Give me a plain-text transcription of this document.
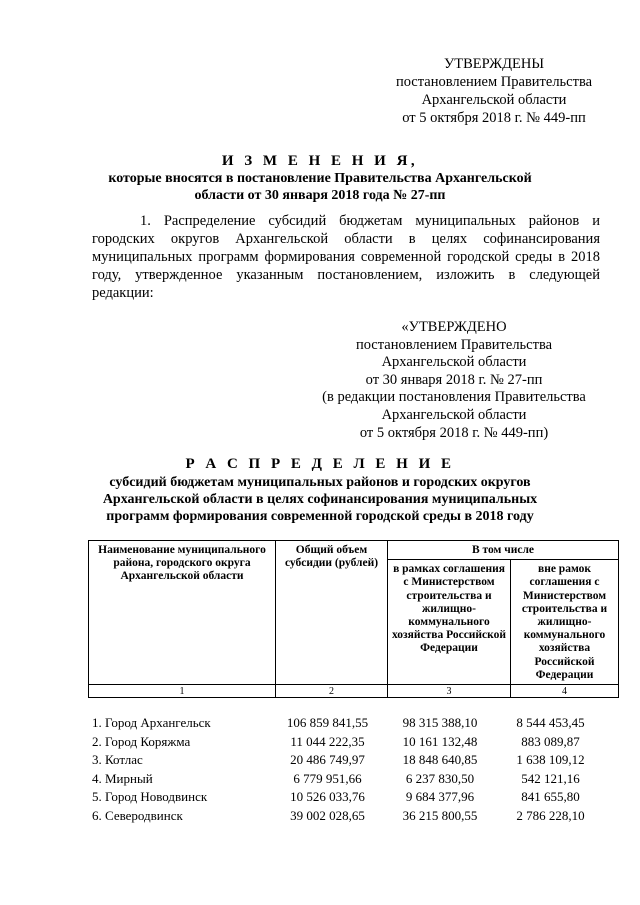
УТВЕРЖДЕНЫ
постановлением Правительства
Архангельской области
от 5 октября 2018 г. № 449-пп
И З М Е Н Е Н И Я,
которые вносятся в постановление Правительства Архангельской
области от 30 января 2018 года № 27-пп
1. Распределение субсидий бюджетам муниципальных районов и городских округов Архангельской области в целях софинансирования муниципальных программ формирования современной городской среды в 2018 году, утвержденное указанным постановлением, изложить в следующей редакции:
«УТВЕРЖДЕНО
постановлением Правительства
Архангельской области
от 30 января 2018 г. № 27-пп
(в редакции постановления Правительства
Архангельской области
от 5 октября 2018 г. № 449-пп)
Р А С П Р Е Д Е Л Е Н И Е
субсидий бюджетам муниципальных районов и городских округов
Архангельской области в целях софинансирования муниципальных
программ формирования современной городской среды в 2018 году
Наименование муниципального района, городского округа Архангельской области	Общий объем субсидии (рублей)	В том числе	
		в рамках соглашения с Министерством строительства и жилищно-коммунального хозяйства Российской Федерации	вне рамок соглашения с Министерством строительства и жилищно-коммунального хозяйства Российской Федерации
1	2	3	4
1. Город Архангельск	106 859 841,55	98 315 388,10	8 544 453,45
2. Город Коряжма	11 044 222,35	10 161 132,48	883 089,87
3. Котлас	20 486 749,97	18 848 640,85	1 638 109,12
4. Мирный	6 779 951,66	6 237 830,50	542 121,16
5. Город Новодвинск	10 526 033,76	9 684 377,96	841 655,80
6. Северодвинск	39 002 028,65	36 215 800,55	2 786 228,10
